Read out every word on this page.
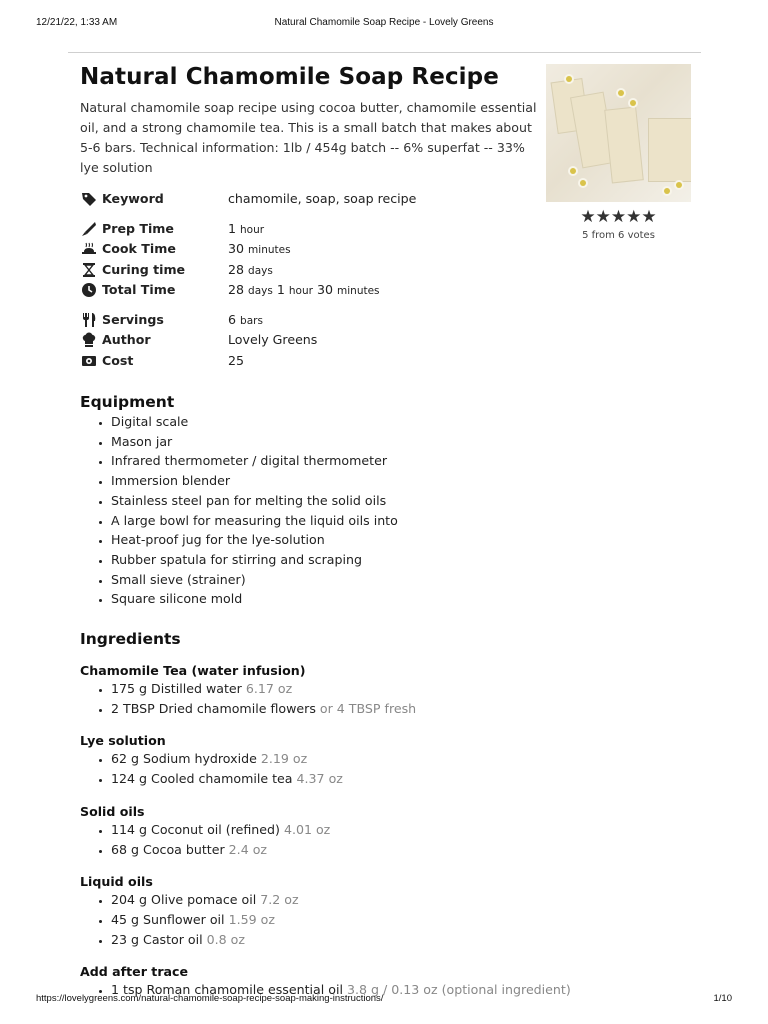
12/21/22, 1:33 AM	Natural Chamomile Soap Recipe - Lovely Greens
Natural Chamomile Soap Recipe

Natural chamomile soap recipe using cocoa butter, chamomile essential oil, and a strong chamomile tea. This is a small batch that makes about 5-6 bars. Technical information: 1lb / 454g batch -- 6% superfat -- 33% lye solution

★★★★★
5 from 6 votes
Keyword	chamomile, soap, soap recipe
Prep Time	1 hour
Cook Time	30 minutes
Curing time	28 days
Total Time	28 days 1 hour 30 minutes
Servings	6 bars
Author	Lovely Greens
Cost	25
Equipment
• Digital scale
• Mason jar
• Infrared thermometer / digital thermometer
• Immersion blender
• Stainless steel pan for melting the solid oils
• A large bowl for measuring the liquid oils into
• Heat-proof jug for the lye-solution
• Rubber spatula for stirring and scraping
• Small sieve (strainer)
• Square silicone mold
Ingredients
Chamomile Tea (water infusion)
• 175 g Distilled water 6.17 oz
• 2 TBSP Dried chamomile flowers or 4 TBSP fresh
Lye solution
• 62 g Sodium hydroxide 2.19 oz
• 124 g Cooled chamomile tea 4.37 oz
Solid oils
• 114 g Coconut oil (refined) 4.01 oz
• 68 g Cocoa butter 2.4 oz
Liquid oils
• 204 g Olive pomace oil 7.2 oz
• 45 g Sunflower oil 1.59 oz
• 23 g Castor oil 0.8 oz
Add after trace
• 1 tsp Roman chamomile essential oil 3.8 g / 0.13 oz (optional ingredient)
https://lovelygreens.com/natural-chamomile-soap-recipe-soap-making-instructions/	1/10
